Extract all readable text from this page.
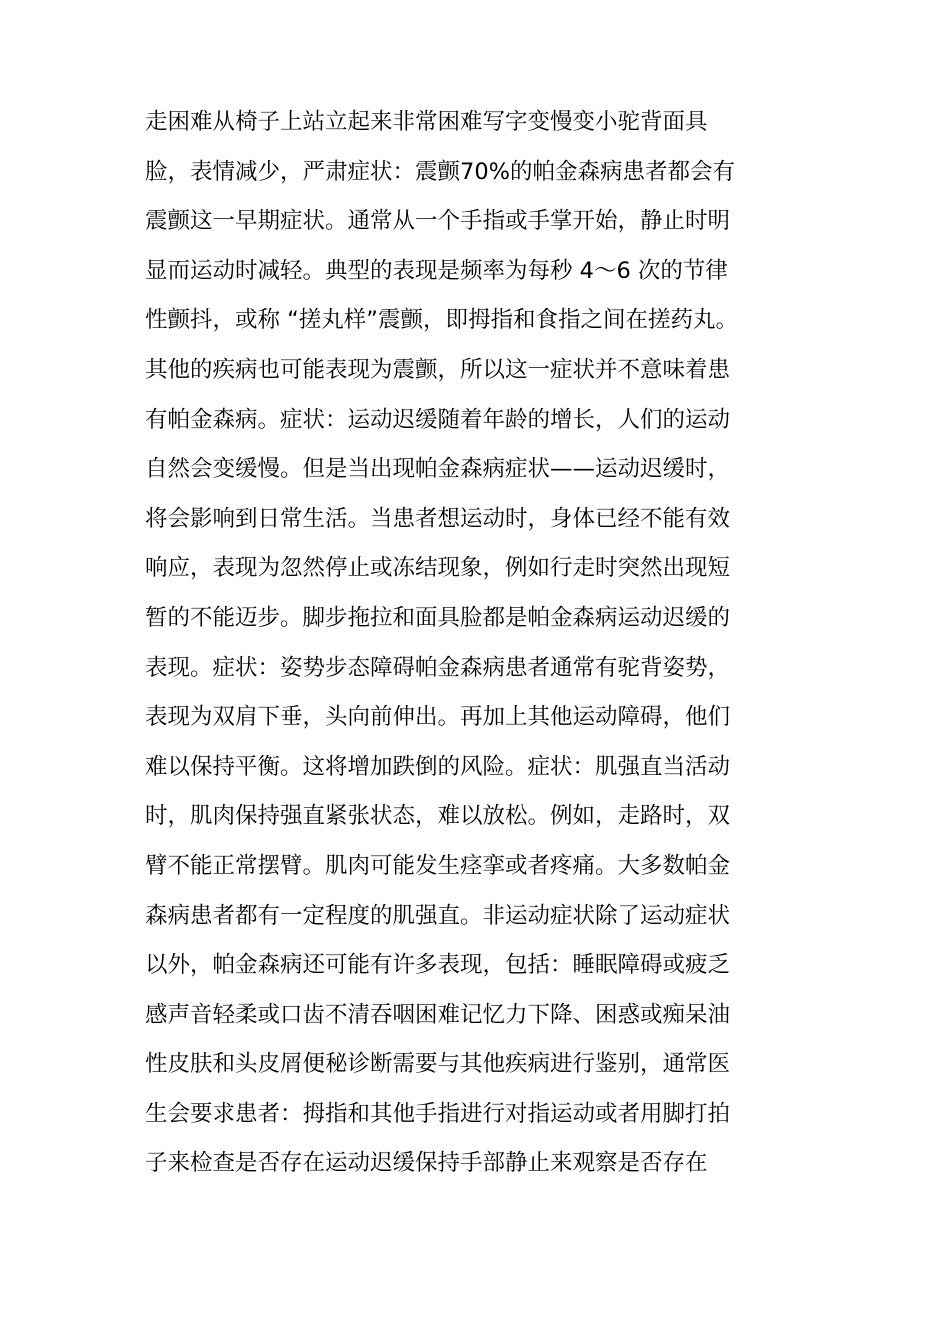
走困难从椅子上站立起来非常困难写字变慢变小驼背面具
脸，表情减少，严肃症状：震颤70%的帕金森病患者都会有
震颤这一早期症状。通常从一个手指或手掌开始，静止时明
显而运动时减轻。典型的表现是频率为每秒 4～6 次的节律
性颤抖，或称 “搓丸样”震颤，即拇指和食指之间在搓药丸。
其他的疾病也可能表现为震颤，所以这一症状并不意味着患
有帕金森病。症状：运动迟缓随着年龄的增长，人们的运动
自然会变缓慢。但是当出现帕金森病症状——运动迟缓时，
将会影响到日常生活。当患者想运动时，身体已经不能有效
响应，表现为忽然停止或冻结现象，例如行走时突然出现短
暂的不能迈步。脚步拖拉和面具脸都是帕金森病运动迟缓的
表现。症状：姿势步态障碍帕金森病患者通常有驼背姿势，
表现为双肩下垂，头向前伸出。再加上其他运动障碍，他们
难以保持平衡。这将增加跌倒的风险。症状：肌强直当活动
时，肌肉保持强直紧张状态，难以放松。例如，走路时，双
臂不能正常摆臂。肌肉可能发生痉挛或者疼痛。大多数帕金
森病患者都有一定程度的肌强直。非运动症状除了运动症状
以外，帕金森病还可能有许多表现，包括：睡眠障碍或疲乏
感声音轻柔或口齿不清吞咽困难记忆力下降、困惑或痴呆油
性皮肤和头皮屑便秘诊断需要与其他疾病进行鉴别，通常医
生会要求患者：拇指和其他手指进行对指运动或者用脚打拍
子来检查是否存在运动迟缓保持手部静止来观察是否存在
